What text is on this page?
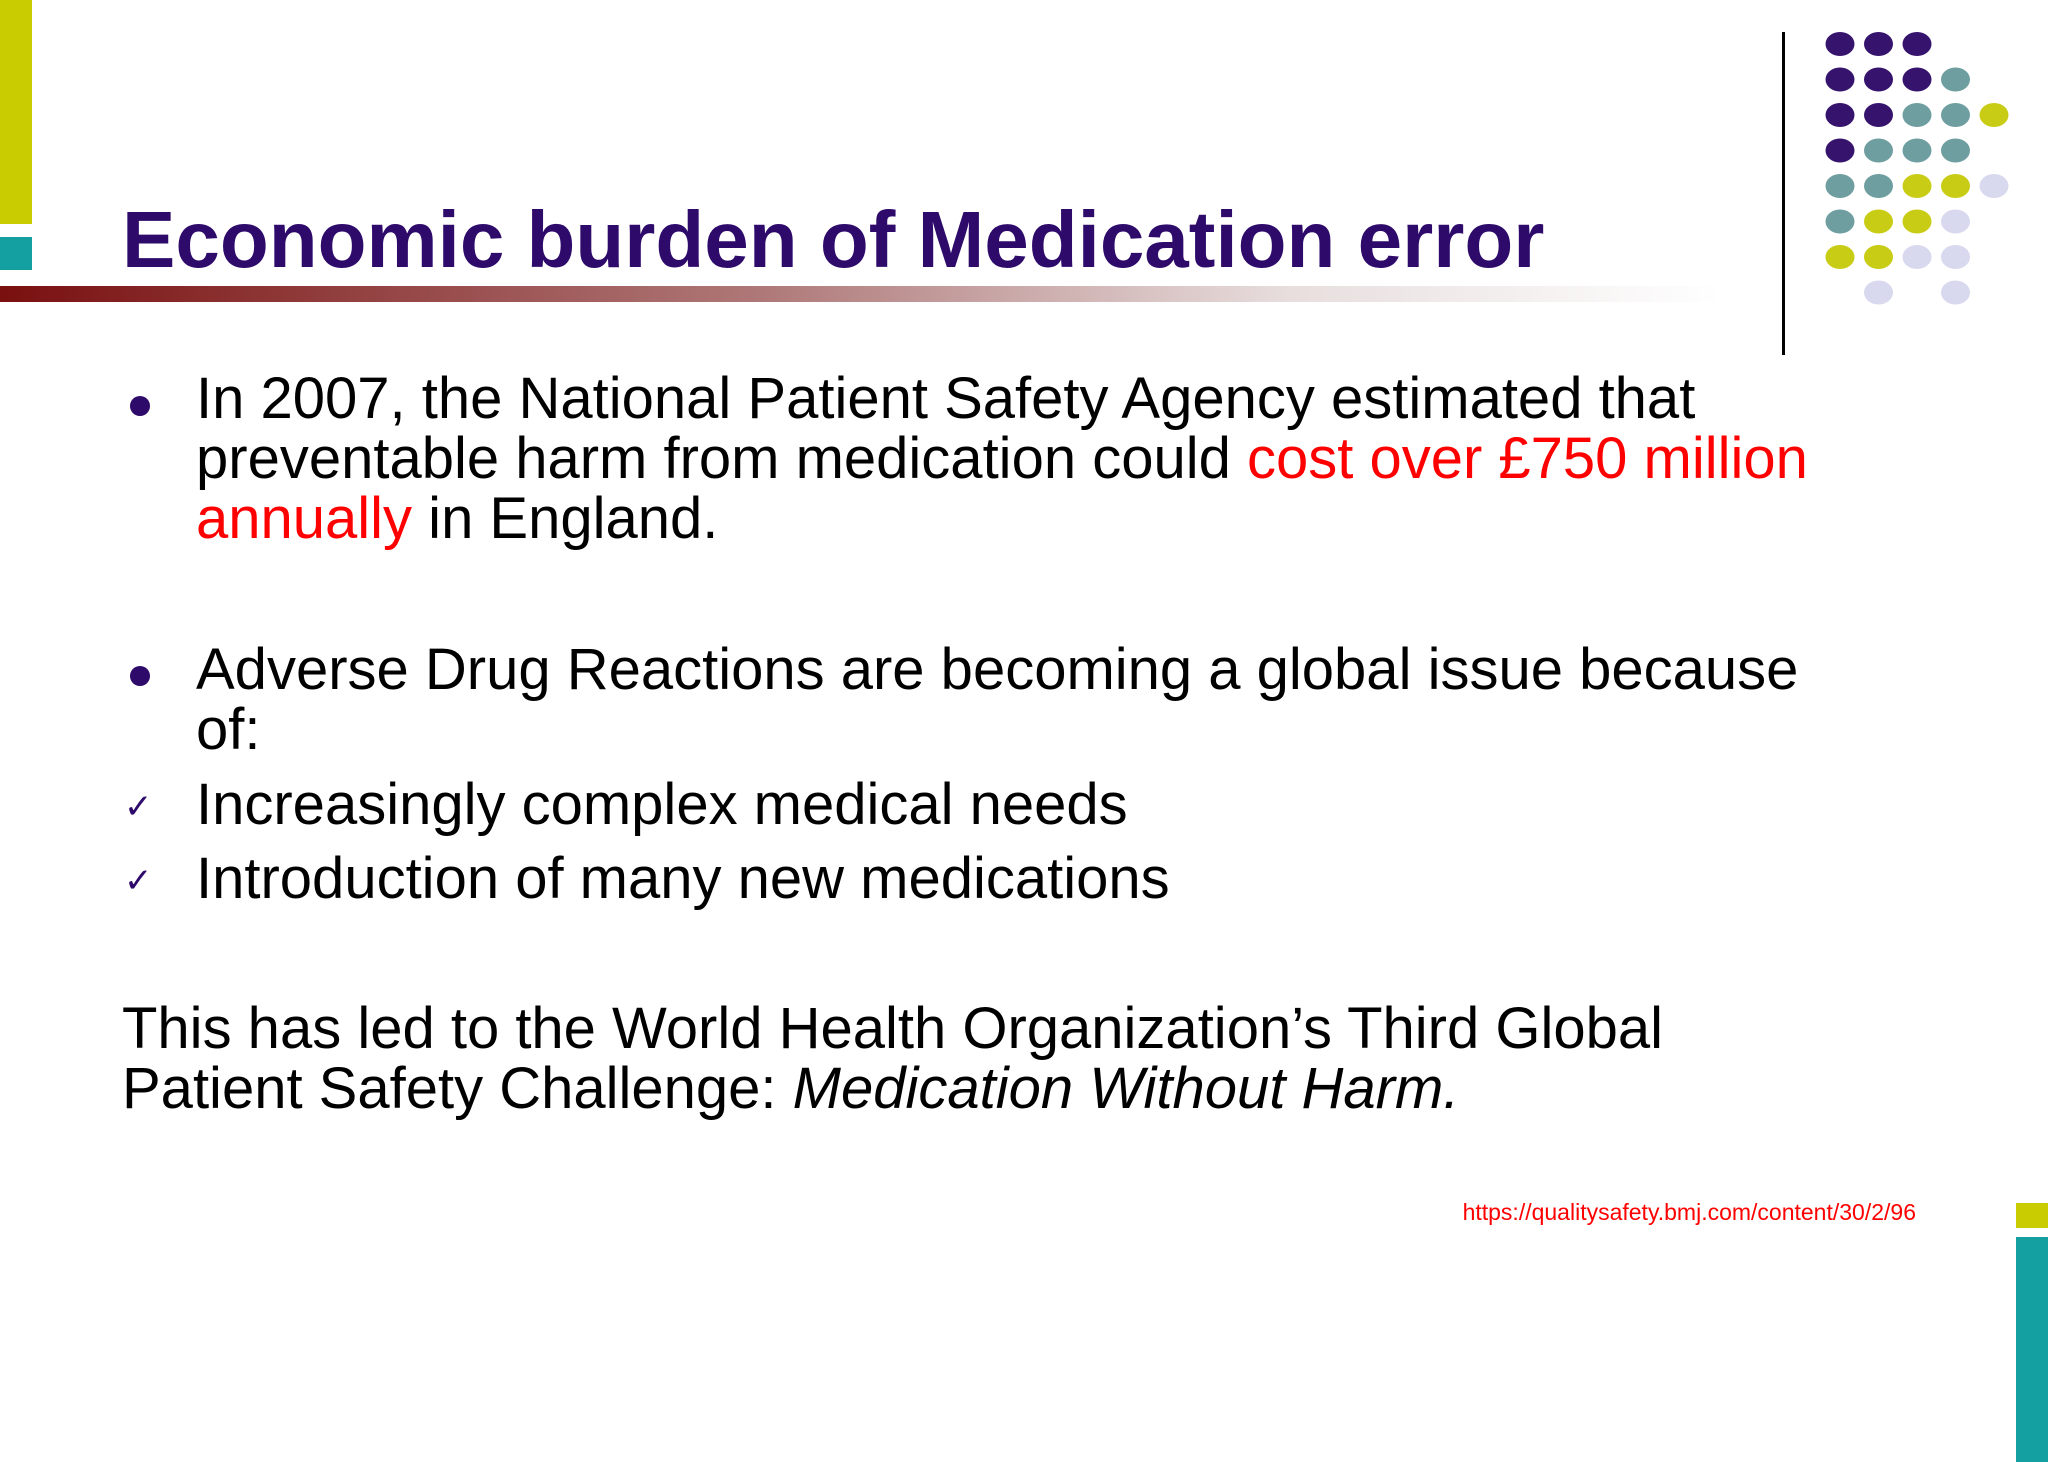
Economic burden of Medication error

In 2007, the National Patient Safety Agency estimated that

preventable harm from medication could cost over £750 million

annually in England.

Adverse Drug Reactions are becoming a global issue because

of:

✓ Increasingly complex medical needs

✓ Introduction of many new medications

This has led to the World Health Organization’s Third Global

Patient Safety Challenge: Medication Without Harm.

https://qualitysafety.bmj.com/content/30/2/96
